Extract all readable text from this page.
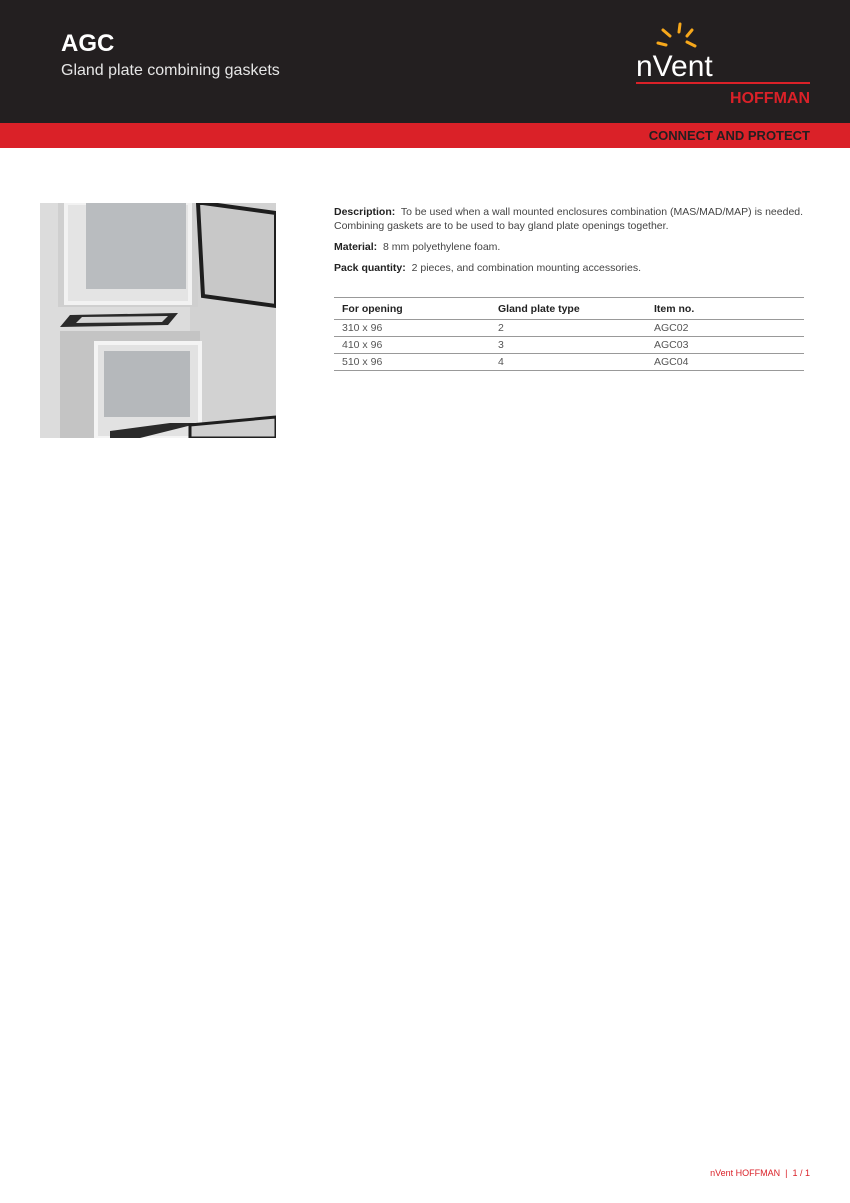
AGC
Gland plate combining gaskets	nVent
HOFFMAN
CONNECT AND PROTECT

Description: To be used when a wall mounted enclosures combination (MAS/MAD/MAP) is needed. Combining gaskets are to be used to bay gland plate openings together.

Material: 8 mm polyethylene foam.

Pack quantity: 2 pieces, and combination mounting accessories.

For opening	Gland plate type	Item no.
310 x 96	2	AGC02
410 x 96	3	AGC03
510 x 96	4	AGC04
nVent HOFFMAN  |  1 / 1
